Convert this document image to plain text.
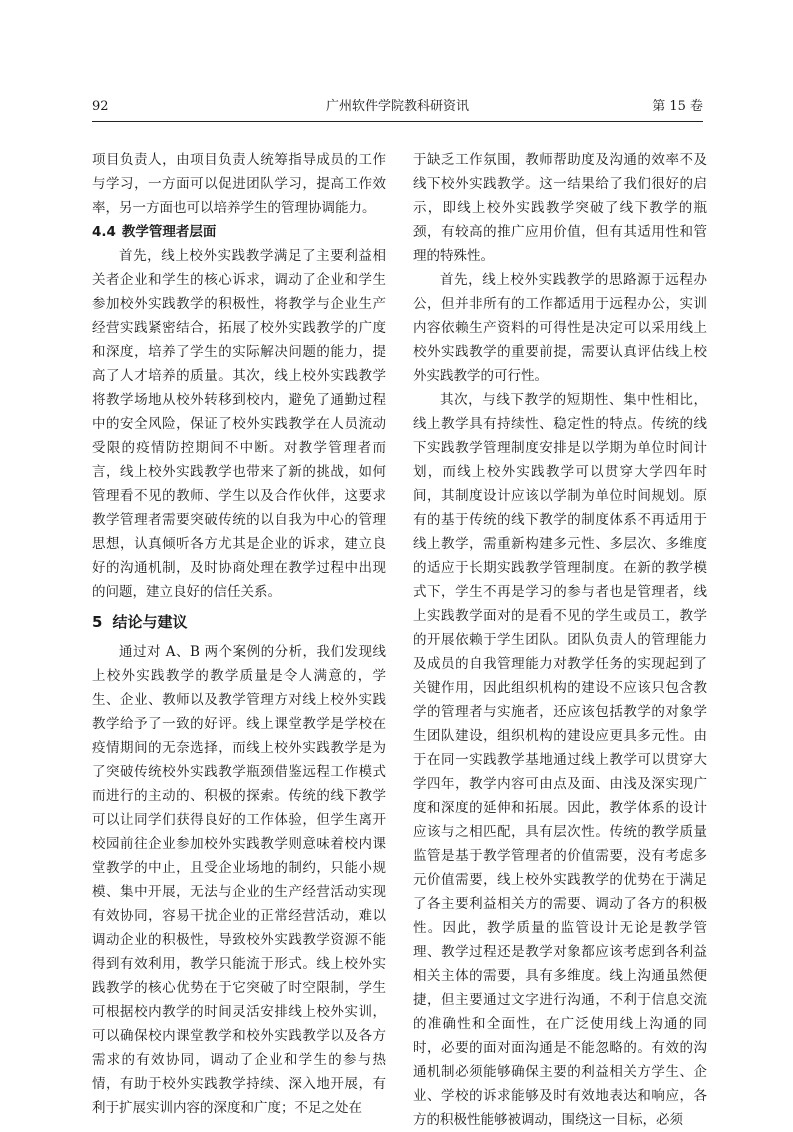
92	广州软件学院教科研资讯	第 15 卷

项目负责人，由项目负责人统筹指导成员的工作与学习，一方面可以促进团队学习，提高工作效率，另一方面也可以培养学生的管理协调能力。

4.4 教学管理者层面

首先，线上校外实践教学满足了主要利益相关者企业和学生的核心诉求，调动了企业和学生参加校外实践教学的积极性，将教学与企业生产经营实践紧密结合，拓展了校外实践教学的广度和深度，培养了学生的实际解决问题的能力，提高了人才培养的质量。其次，线上校外实践教学将教学场地从校外转移到校内，避免了通勤过程中的安全风险，保证了校外实践教学在人员流动受限的疫情防控期间不中断。对教学管理者而言，线上校外实践教学也带来了新的挑战，如何管理看不见的教师、学生以及合作伙伴，这要求教学管理者需要突破传统的以自我为中心的管理思想，认真倾听各方尤其是企业的诉求，建立良好的沟通机制，及时协商处理在教学过程中出现的问题，建立良好的信任关系。

5 结论与建议

通过对 A、B 两个案例的分析，我们发现线上校外实践教学的教学质量是令人满意的，学生、企业、教师以及教学管理方对线上校外实践教学给予了一致的好评。线上课堂教学是学校在疫情期间的无奈选择，而线上校外实践教学是为了突破传统校外实践教学瓶颈借鉴远程工作模式而进行的主动的、积极的探索。传统的线下教学可以让同学们获得良好的工作体验，但学生离开校园前往企业参加校外实践教学则意味着校内课堂教学的中止，且受企业场地的制约，只能小规模、集中开展，无法与企业的生产经营活动实现有效协同，容易干扰企业的正常经营活动，难以调动企业的积极性，导致校外实践教学资源不能得到有效利用，教学只能流于形式。线上校外实践教学的核心优势在于它突破了时空限制，学生可根据校内教学的时间灵活安排线上校外实训，可以确保校内课堂教学和校外实践教学以及各方需求的有效协同，调动了企业和学生的参与热情，有助于校外实践教学持续、深入地开展，有利于扩展实训内容的深度和广度；不足之处在

于缺乏工作氛围，教师帮助度及沟通的效率不及线下校外实践教学。这一结果给了我们很好的启示，即线上校外实践教学突破了线下教学的瓶颈，有较高的推广应用价值，但有其适用性和管理的特殊性。

首先，线上校外实践教学的思路源于远程办公，但并非所有的工作都适用于远程办公，实训内容依赖生产资料的可得性是决定可以采用线上校外实践教学的重要前提，需要认真评估线上校外实践教学的可行性。

其次，与线下教学的短期性、集中性相比，线上教学具有持续性、稳定性的特点。传统的线下实践教学管理制度安排是以学期为单位时间计划，而线上校外实践教学可以贯穿大学四年时间，其制度设计应该以学制为单位时间规划。原有的基于传统的线下教学的制度体系不再适用于线上教学，需重新构建多元性、多层次、多维度的适应于长期实践教学管理制度。在新的教学模式下，学生不再是学习的参与者也是管理者，线上实践教学面对的是看不见的学生或员工，教学的开展依赖于学生团队。团队负责人的管理能力及成员的自我管理能力对教学任务的实现起到了关键作用，因此组织机构的建设不应该只包含教学的管理者与实施者，还应该包括教学的对象学生团队建设，组织机构的建设应更具多元性。由于在同一实践教学基地通过线上教学可以贯穿大学四年，教学内容可由点及面、由浅及深实现广度和深度的延伸和拓展。因此，教学体系的设计应该与之相匹配，具有层次性。传统的教学质量监管是基于教学管理者的价值需要，没有考虑多元价值需要，线上校外实践教学的优势在于满足了各主要利益相关方的需要、调动了各方的积极性。因此，教学质量的监管设计无论是教学管理、教学过程还是教学对象都应该考虑到各利益相关主体的需要，具有多维度。线上沟通虽然便捷，但主要通过文字进行沟通，不利于信息交流的准确性和全面性，在广泛使用线上沟通的同时，必要的面对面沟通是不能忽略的。有效的沟通机制必须能够确保主要的利益相关方学生、企业、学校的诉求能够及时有效地表达和响应，各方的积极性能够被调动，围绕这一目标，必须
